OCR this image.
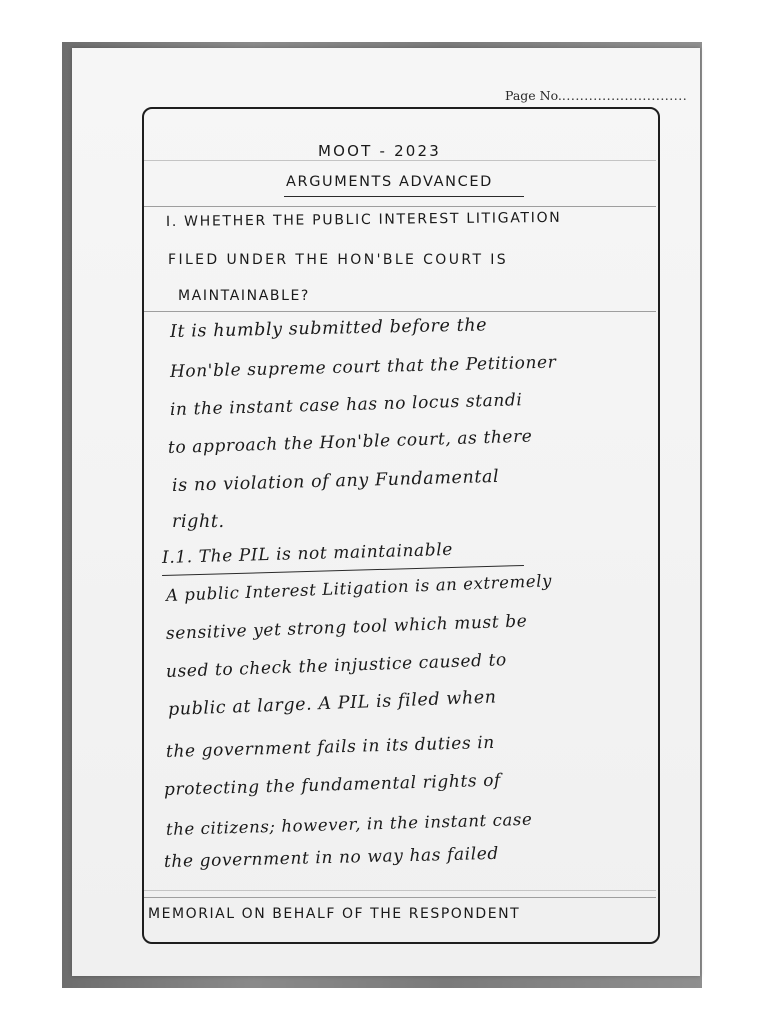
Page No.............................
MOOT - 2023
ARGUMENTS ADVANCED
I. WHETHER THE PUBLIC INTEREST LITIGATION
FILED UNDER THE HON'BLE COURT IS
MAINTAINABLE?
It is humbly submitted before the
Hon'ble supreme court that the Petitioner
in the instant case has no locus standi
to approach the Hon'ble court, as there
is no violation of any Fundamental
right.
I.1. The PIL is not maintainable
A public Interest Litigation is an extremely
sensitive yet strong tool which must be
used to check the injustice caused to
public at large. A PIL is filed when
the government fails in its duties in
protecting the fundamental rights of
the citizens; however, in the instant case
the government in no way has failed
MEMORIAL ON BEHALF OF THE RESPONDENT
